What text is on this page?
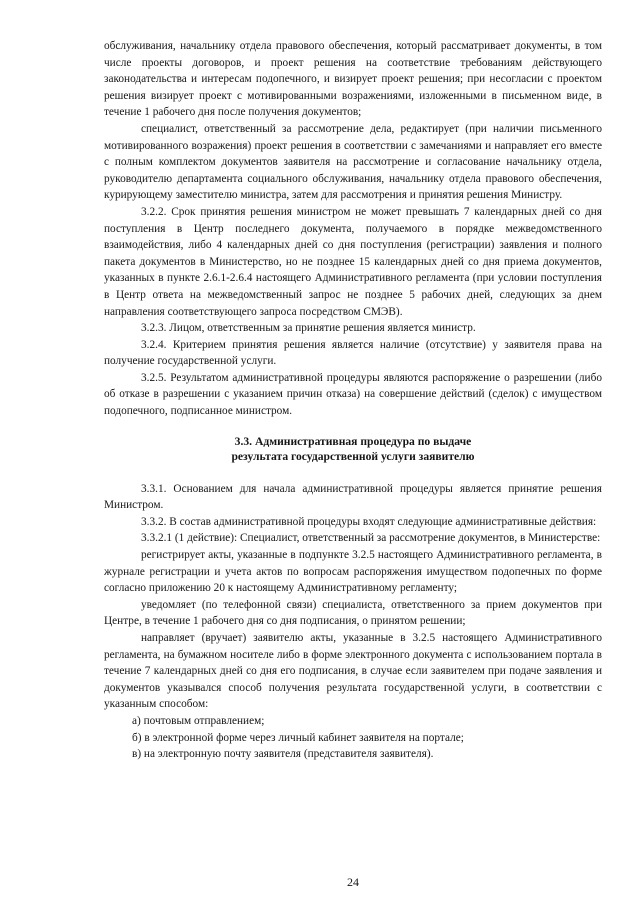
обслуживания, начальнику отдела правового обеспечения, который рассматривает документы, в том числе проекты договоров, и проект решения на соответствие требованиям действующего законодательства и интересам подопечного, и визирует проект решения; при несогласии с проектом решения визирует проект с мотивированными возражениями, изложенными в письменном виде, в течение 1 рабочего дня после получения документов;

специалист, ответственный за рассмотрение дела, редактирует (при наличии письменного мотивированного возражения) проект решения в соответствии с замечаниями и направляет его вместе с полным комплектом документов заявителя на рассмотрение и согласование начальнику отдела, руководителю департамента социального обслуживания, начальнику отдела правового обеспечения, курирующему заместителю министра, затем для рассмотрения и принятия решения Министру.

3.2.2. Срок принятия решения министром не может превышать 7 календарных дней со дня поступления в Центр последнего документа, получаемого в порядке межведомственного взаимодействия, либо 4 календарных дней со дня поступления (регистрации) заявления и полного пакета документов в Министерство, но не позднее 15 календарных дней со дня приема документов, указанных в пункте 2.6.1-2.6.4 настоящего Административного регламента (при условии поступления в Центр ответа на межведомственный запрос не позднее 5 рабочих дней, следующих за днем направления соответствующего запроса посредством СМЭВ).

3.2.3. Лицом, ответственным за принятие решения является министр.

3.2.4. Критерием принятия решения является наличие (отсутствие) у заявителя права на получение государственной услуги.

3.2.5. Результатом административной процедуры являются распоряжение о разрешении (либо об отказе в разрешении с указанием причин отказа) на совершение действий (сделок) с имуществом подопечного, подписанное министром.

3.3. Административная процедура по выдаче
результата государственной услуги заявителю

3.3.1. Основанием для начала административной процедуры является принятие решения Министром.

3.3.2. В состав административной процедуры входят следующие административные действия:

3.3.2.1 (1 действие): Специалист, ответственный за рассмотрение документов, в Министерстве:

регистрирует акты, указанные в подпункте 3.2.5 настоящего Административного регламента, в журнале регистрации и учета актов по вопросам распоряжения имуществом подопечных по форме согласно приложению 20 к настоящему Административному регламенту;

уведомляет (по телефонной связи) специалиста, ответственного за прием документов при Центре, в течение 1 рабочего дня со дня подписания, о принятом решении;

направляет (вручает) заявителю акты, указанные в 3.2.5 настоящего Административного регламента, на бумажном носителе либо в форме электронного документа с использованием портала в течение 7 календарных дней со дня его подписания, в случае если заявителем при подаче заявления и документов указывался способ получения результата государственной услуги, в соответствии с указанным способом:

а) почтовым отправлением;

б) в электронной форме через личный кабинет заявителя на портале;

в) на электронную почту заявителя (представителя заявителя).

24
